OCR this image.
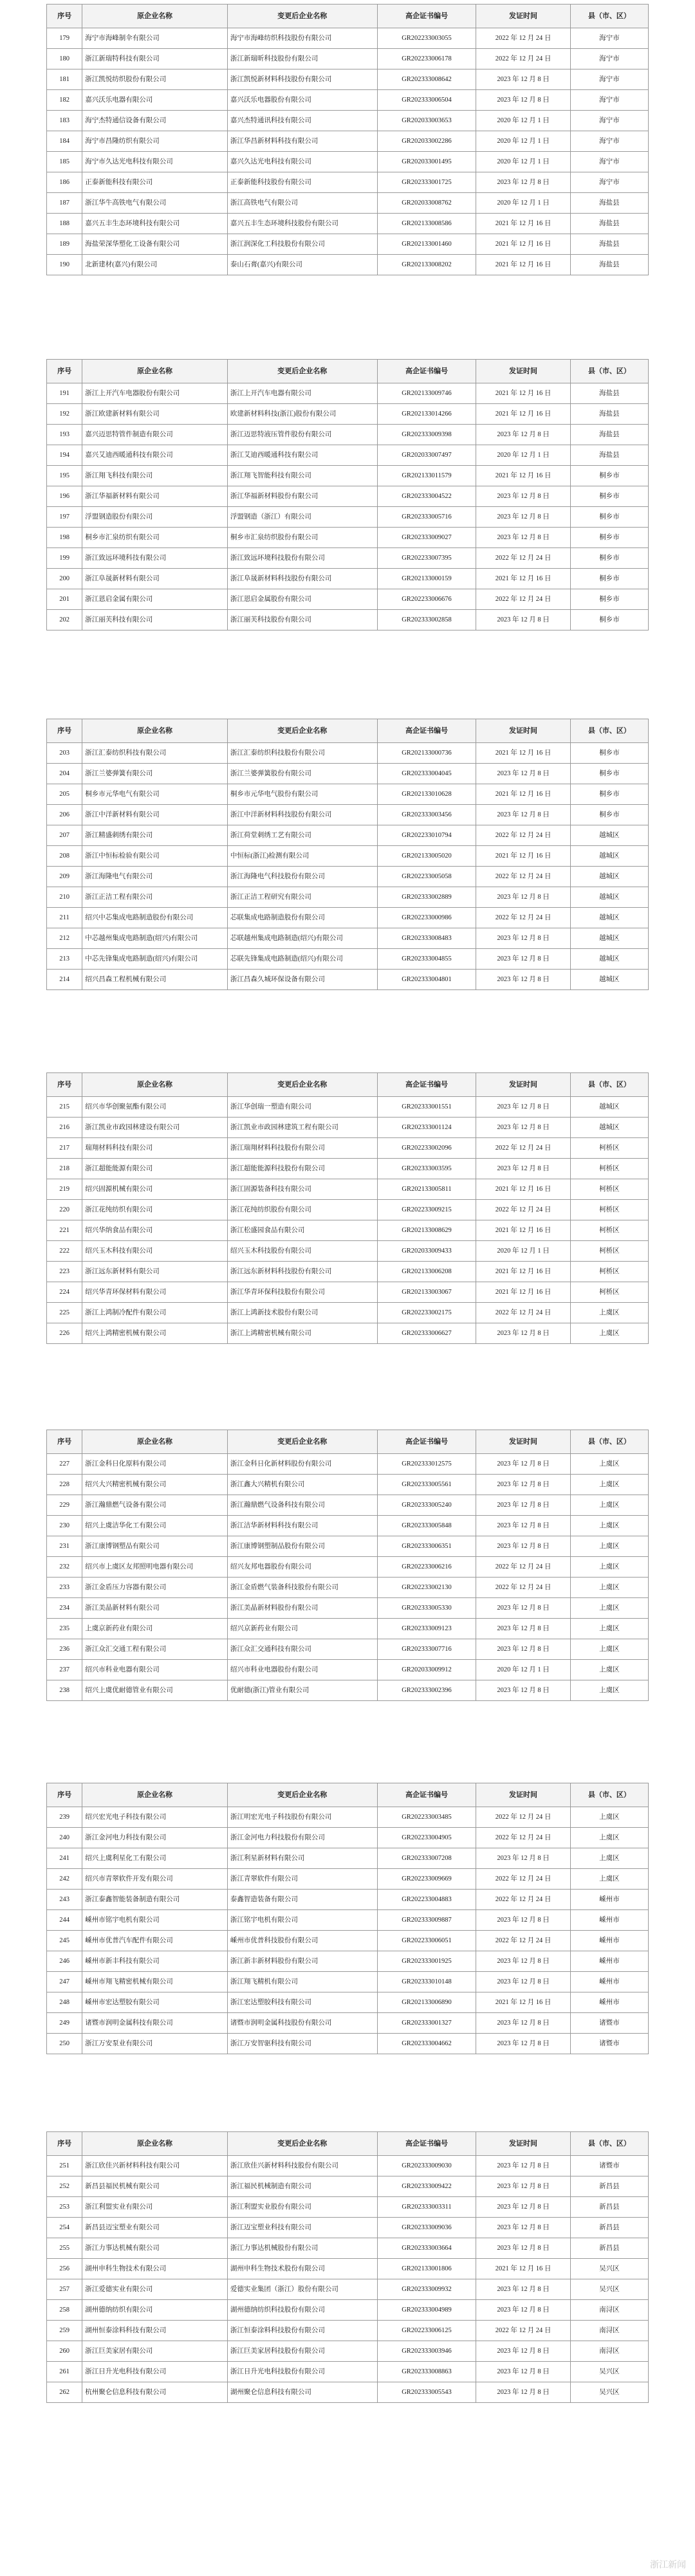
序号	原企业名称	变更后企业名称	高企证书编号	发证时间	县（市、区）
179	海宁市海峰制伞有限公司	海宁市海峰纺织科技股份有限公司	GR202233003055	2022 年 12 月 24 日	海宁市
180	浙江新瑞特科技有限公司	浙江新瑞昕科技股份有限公司	GR202233006178	2022 年 12 月 24 日	海宁市
181	浙江凯悦纺织股份有限公司	浙江凯悦新材料科技股份有限公司	GR202333008642	2023 年 12 月 8 日	海宁市
182	嘉兴沃乐电器有限公司	嘉兴沃乐电器股份有限公司	GR202333006504	2023 年 12 月 8 日	海宁市
183	海宁杰特通信设备有限公司	嘉兴杰特通讯科技有限公司	GR202033003653	2020 年 12 月 1 日	海宁市
184	海宁市昌隆纺织有限公司	浙江华昌新材料科技有限公司	GR202033002286	2020 年 12 月 1 日	海宁市
185	海宁市久达光电科技有限公司	嘉兴久达光电科技有限公司	GR202033001495	2020 年 12 月 1 日	海宁市
186	正泰新能科技有限公司	正泰新能科技股份有限公司	GR202333001725	2023 年 12 月 8 日	海宁市
187	浙江华牛高铁电气有限公司	浙江高铁电气有限公司	GR202033008762	2020 年 12 月 1 日	海盐县
188	嘉兴五丰生态环境科技有限公司	嘉兴五丰生态环境科技股份有限公司	GR202133008586	2021 年 12 月 16 日	海盐县
189	海盐荣深华塑化工设备有限公司	浙江润深化工科技股份有限公司	GR202133001460	2021 年 12 月 16 日	海盐县
190	北新建材(嘉兴)有限公司	泰山石膏(嘉兴)有限公司	GR202133008202	2021 年 12 月 16 日	海盐县
序号	原企业名称	变更后企业名称	高企证书编号	发证时间	县（市、区）
191	浙江上开汽车电器股份有限公司	浙江上开汽车电器有限公司	GR202133009746	2021 年 12 月 16 日	海盐县
192	浙江欧建新材料有限公司	欧建新材料科技(浙江)股份有限公司	GR202133014266	2021 年 12 月 16 日	海盐县
193	嘉兴迈思特管件制造有限公司	浙江迈思特液压管件股份有限公司	GR202333009398	2023 年 12 月 8 日	海盐县
194	嘉兴艾迪西暖通科技有限公司	浙江艾迪西暖通科技有限公司	GR202033007497	2020 年 12 月 1 日	海盐县
195	浙江翔飞科技有限公司	浙江翔飞智能科技有限公司	GR202133011579	2021 年 12 月 16 日	桐乡市
196	浙江华福新材料有限公司	浙江华福新材料股份有限公司	GR202333004522	2023 年 12 月 8 日	桐乡市
197	浮盟钢造股份有限公司	浮盟钢造（浙江）有限公司	GR202333005716	2023 年 12 月 8 日	桐乡市
198	桐乡市汇泉纺织有限公司	桐乡市汇泉纺织股份有限公司	GR202333009027	2023 年 12 月 8 日	桐乡市
199	浙江致远环境科技有限公司	浙江致远环境科技股份有限公司	GR202233007395	2022 年 12 月 24 日	桐乡市
200	浙江阜晟新材料有限公司	浙江阜晟新材料科技股份有限公司	GR202133000159	2021 年 12 月 16 日	桐乡市
201	浙江恩启金属有限公司	浙江恩启金属股份有限公司	GR202233006676	2022 年 12 月 24 日	桐乡市
202	浙江丽芙科技有限公司	浙江丽芙科技股份有限公司	GR202333002858	2023 年 12 月 8 日	桐乡市
序号	原企业名称	变更后企业名称	高企证书编号	发证时间	县（市、区）
203	浙江汇泰纺织科技有限公司	浙江汇泰纺织科技股份有限公司	GR202133000736	2021 年 12 月 16 日	桐乡市
204	浙江兰婆弹簧有限公司	浙江兰婆弹簧股份有限公司	GR202333004045	2023 年 12 月 8 日	桐乡市
205	桐乡市元华电气有限公司	桐乡市元华电气股份有限公司	GR202133010628	2021 年 12 月 16 日	桐乡市
206	浙江中洋新材料有限公司	浙江中洋新材料科技股份有限公司	GR202333003456	2023 年 12 月 8 日	桐乡市
207	浙江精盛刺绣有限公司	浙江荷堂刺绣工艺有限公司	GR202233010794	2022 年 12 月 24 日	越城区
208	浙江中恒标检验有限公司	中恒标(浙江)检测有限公司	GR202133005020	2021 年 12 月 16 日	越城区
209	浙江海隆电气有限公司	浙江海隆电气科技股份有限公司	GR202233005058	2022 年 12 月 24 日	越城区
210	浙江正洁工程有限公司	浙江正洁工程研究有限公司	GR202333002889	2023 年 12 月 8 日	越城区
211	绍兴中芯集成电路制造股份有限公司	芯联集成电路制造股份有限公司	GR202233000986	2022 年 12 月 24 日	越城区
212	中芯越州集成电路制造(绍兴)有限公司	芯联越州集成电路制造(绍兴)有限公司	GR202333008483	2023 年 12 月 8 日	越城区
213	中芯先锋集成电路制造(绍兴)有限公司	芯联先锋集成电路制造(绍兴)有限公司	GR202333004855	2023 年 12 月 8 日	越城区
214	绍兴昌森工程机械有限公司	浙江昌森久城环保设备有限公司	GR202333004801	2023 年 12 月 8 日	越城区
序号	原企业名称	变更后企业名称	高企证书编号	发证时间	县（市、区）
215	绍兴市华创聚氨酯有限公司	浙江华创瑞一塑造有限公司	GR202333001551	2023 年 12 月 8 日	越城区
216	浙江凯业市政园林建设有限公司	浙江凯业市政园林建筑工程有限公司	GR202333001124	2023 年 12 月 8 日	越城区
217	瑞翔材料科技有限公司	浙江瑞翔材料科技股份有限公司	GR202233002096	2022 年 12 月 24 日	柯桥区
218	浙江超能能源有限公司	浙江超能能源科技股份有限公司	GR202333003595	2023 年 12 月 8 日	柯桥区
219	绍兴固源机械有限公司	浙江固源装备科技有限公司	GR202133005811	2021 年 12 月 16 日	柯桥区
220	浙江花纯纺织有限公司	浙江花纯纺织股份有限公司	GR202233009215	2022 年 12 月 24 日	柯桥区
221	绍兴华纳食品有限公司	浙江松盛园食品有限公司	GR202133008629	2021 年 12 月 16 日	柯桥区
222	绍兴玉木科技有限公司	绍兴玉木科技股份有限公司	GR202033009433	2020 年 12 月 1 日	柯桥区
223	浙江远东新材料有限公司	浙江远东新材料科技股份有限公司	GR202133006208	2021 年 12 月 16 日	柯桥区
224	绍兴华青环保材料有限公司	浙江华青环保科技股份有限公司	GR202133003067	2021 年 12 月 16 日	柯桥区
225	浙江上鸿制冷配件有限公司	浙江上鸿新技术股份有限公司	GR202233002175	2022 年 12 月 24 日	上虞区
226	绍兴上鸿精密机械有限公司	浙江上鸿精密机械有限公司	GR202333006627	2023 年 12 月 8 日	上虞区
序号	原企业名称	变更后企业名称	高企证书编号	发证时间	县（市、区）
227	浙江金科日化原料有限公司	浙江金科日化新材料股份有限公司	GR202333012575	2023 年 12 月 8 日	上虞区
228	绍兴大兴精密机械有限公司	浙江鑫大兴精机有限公司	GR202333005561	2023 年 12 月 8 日	上虞区
229	浙江瀚鼎燃气设备有限公司	浙江瀚鼎燃气设备科技有限公司	GR202333005240	2023 年 12 月 8 日	上虞区
230	绍兴上虞洁华化工有限公司	浙江洁华新材料科技有限公司	GR202333005848	2023 年 12 月 8 日	上虞区
231	浙江康博钢塑品有限公司	浙江康博钢塑制品股份有限公司	GR202333006351	2023 年 12 月 8 日	上虞区
232	绍兴市上虞区友邦照明电器有限公司	绍兴友邦电器股份有限公司	GR202233006216	2022 年 12 月 24 日	上虞区
233	浙江金盾压力容器有限公司	浙江金盾燃气装备科技股份有限公司	GR202233002130	2022 年 12 月 24 日	上虞区
234	浙江美晶新材料有限公司	浙江美晶新材料股份有限公司	GR202333005330	2023 年 12 月 8 日	上虞区
235	上虞京新药业有限公司	绍兴京新药业有限公司	GR202333009123	2023 年 12 月 8 日	上虞区
236	浙江众汇交通工程有限公司	浙江众汇交通科技有限公司	GR202333007716	2023 年 12 月 8 日	上虞区
237	绍兴市科业电器有限公司	绍兴市科业电器股份有限公司	GR202033009912	2020 年 12 月 1 日	上虞区
238	绍兴上虞优耐德管业有限公司	优耐德(浙江)管业有限公司	GR202333002396	2023 年 12 月 8 日	上虞区
序号	原企业名称	变更后企业名称	高企证书编号	发证时间	县（市、区）
239	绍兴宏光电子科技有限公司	浙江明宏光电子科技股份有限公司	GR202233003485	2022 年 12 月 24 日	上虞区
240	浙江金河电力科技有限公司	浙江金河电力科技股份有限公司	GR202233004905	2022 年 12 月 24 日	上虞区
241	绍兴上虞利星化工有限公司	浙江利星新材料有限公司	GR202333007208	2023 年 12 月 8 日	上虞区
242	绍兴市青翠软件开发有限公司	浙江青翠软件有限公司	GR202233009669	2022 年 12 月 24 日	上虞区
243	浙江泰鑫智能装备制造有限公司	泰鑫智造装备有限公司	GR202233004883	2022 年 12 月 24 日	嵊州市
244	嵊州市铭宇电机有限公司	浙江铭宇电机有限公司	GR202333009887	2023 年 12 月 8 日	嵊州市
245	嵊州市优普汽车配件有限公司	嵊州市优普科技股份有限公司	GR202233006051	2022 年 12 月 24 日	嵊州市
246	嵊州市新丰科技有限公司	浙江新丰新材料股份有限公司	GR202333001925	2023 年 12 月 8 日	嵊州市
247	嵊州市翔飞精密机械有限公司	浙江翔飞精机有限公司	GR202333010148	2023 年 12 月 8 日	嵊州市
248	嵊州市宏达塑胶有限公司	浙江宏达塑胶科技有限公司	GR202133006890	2021 年 12 月 16 日	嵊州市
249	诸暨市润明金属科技有限公司	诸暨市润明金属科技股份有限公司	GR202333001327	2023 年 12 月 8 日	诸暨市
250	浙江万安泵业有限公司	浙江万安智驱科技有限公司	GR202333004662	2023 年 12 月 8 日	诸暨市
序号	原企业名称	变更后企业名称	高企证书编号	发证时间	县（市、区）
251	浙江欣佳兴新材料科技有限公司	浙江欣佳兴新材料科技股份有限公司	GR202333009030	2023 年 12 月 8 日	诸暨市
252	新昌县福民机械有限公司	浙江福民机械制造有限公司	GR202333009422	2023 年 12 月 8 日	新昌县
253	浙江利盟实业有限公司	浙江利盟实业股份有限公司	GR202333003311	2023 年 12 月 8 日	新昌县
254	新昌县迈宝塑业有限公司	浙江迈宝塑业科技有限公司	GR202333009036	2023 年 12 月 8 日	新昌县
255	浙江力事达机械有限公司	浙江力事达机械股份有限公司	GR202333003664	2023 年 12 月 8 日	新昌县
256	湖州申科生物技术有限公司	湖州申科生物技术股份有限公司	GR202133001806	2021 年 12 月 16 日	吴兴区
257	浙江爱德实业有限公司	爱德实业集团（浙江）股份有限公司	GR202333009932	2023 年 12 月 8 日	吴兴区
258	湖州德纳纺织有限公司	湖州德纳纺织科技股份有限公司	GR202333004989	2023 年 12 月 8 日	南浔区
259	湖州恒泰涂料科技有限公司	浙江恒泰涂料科技股份有限公司	GR202233006125	2022 年 12 月 24 日	南浔区
260	浙江巨美家居有限公司	浙江巨美家居科技股份有限公司	GR202333003946	2023 年 12 月 8 日	南浔区
261	浙江日升光电科技有限公司	浙江日升光电科技股份有限公司	GR202333008863	2023 年 12 月 8 日	吴兴区
262	杭州聚仑信息科技有限公司	湖州聚仑信息科技有限公司	GR202333005543	2023 年 12 月 8 日	吴兴区
浙江新闻
